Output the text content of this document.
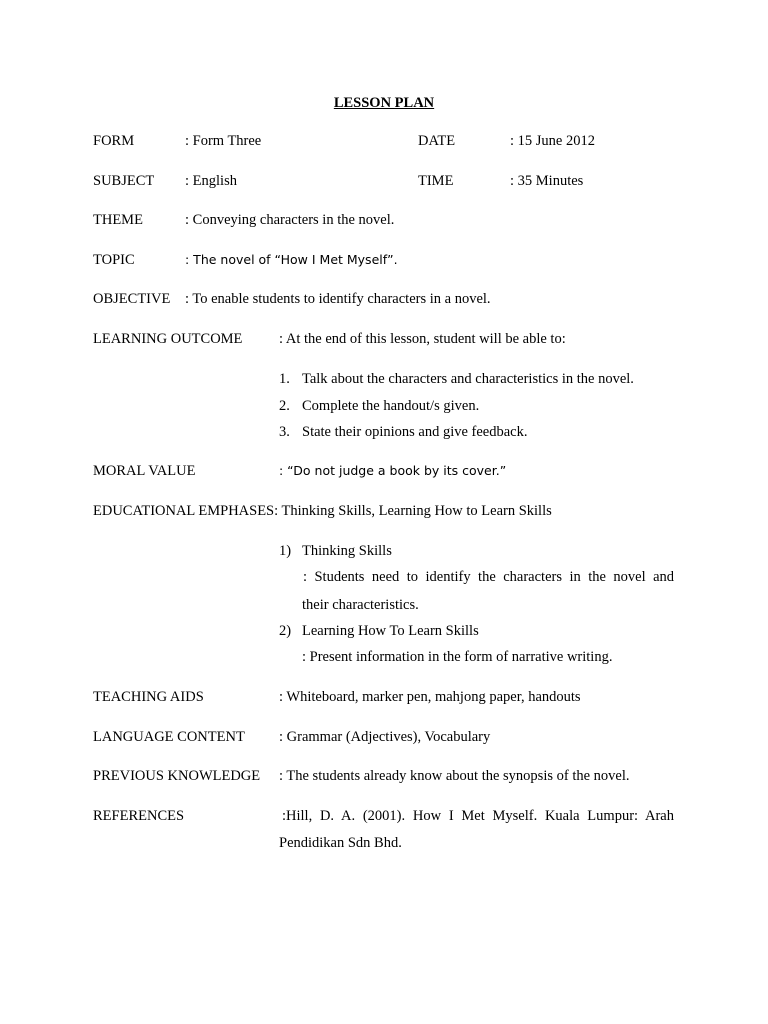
LESSON PLAN
FORM	: Form Three	DATE	: 15 June 2012
SUBJECT : English	TIME	: 35 Minutes
THEME	: Conveying characters in the novel.
TOPIC	: The novel of “How I Met Myself”.
OBJECTIVE : To enable students to identify characters in a novel.
LEARNING OUTCOME	: At the end of this lesson, student will be able to:
1. Talk about the characters and characteristics in the novel.
2. Complete the handout/s given.
3. State their opinions and give feedback.
MORAL VALUE	: “Do not judge a book by its cover.”
EDUCATIONAL EMPHASES: Thinking Skills, Learning How to Learn Skills
1) Thinking Skills
: Students need to identify the characters in the novel and
their characteristics.
2) Learning How To Learn Skills
: Present information in the form of narrative writing.
TEACHING AIDS	: Whiteboard, marker pen, mahjong paper, handouts
LANGUAGE CONTENT : Grammar (Adjectives), Vocabulary
PREVIOUS KNOWLEDGE : The students already know about the synopsis of the novel.
REFERENCES	:Hill, D. A. (2001). How I Met Myself. Kuala Lumpur: Arah
Pendidikan Sdn Bhd.
